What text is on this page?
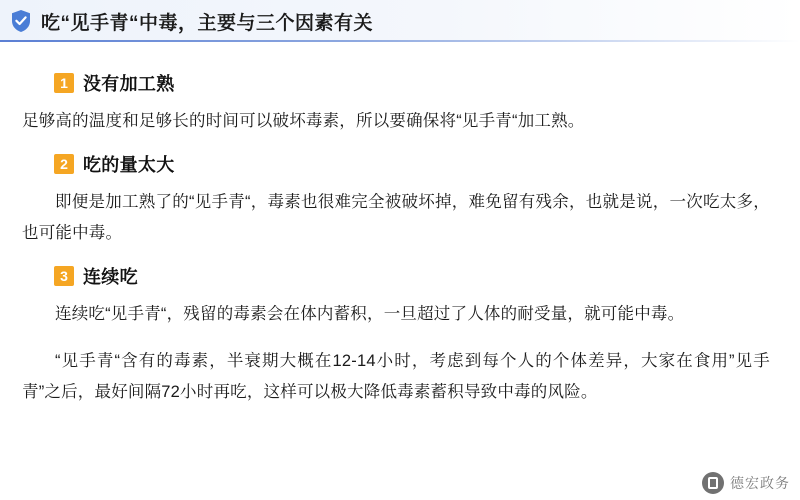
吃“见手青“中毒，主要与三个因素有关
1 没有加工熟

足够高的温度和足够长的时间可以破坏毒素，所以要确保将“见手青“加工熟。

2 吃的量太大

即便是加工熟了的“见手青“，毒素也很难完全被破坏掉，难免留有残余，也就是说，一次吃太多，也可能中毒。

3 连续吃

连续吃“见手青“，残留的毒素会在体内蓄积，一旦超过了人体的耐受量，就可能中毒。

“见手青“含有的毒素，半衰期大概在12-14小时，考虑到每个人的个体差异，大家在食用”见手青”之后，最好间隔72小时再吃，这样可以极大降低毒素蓄积导致中毒的风险。

德宏政务
